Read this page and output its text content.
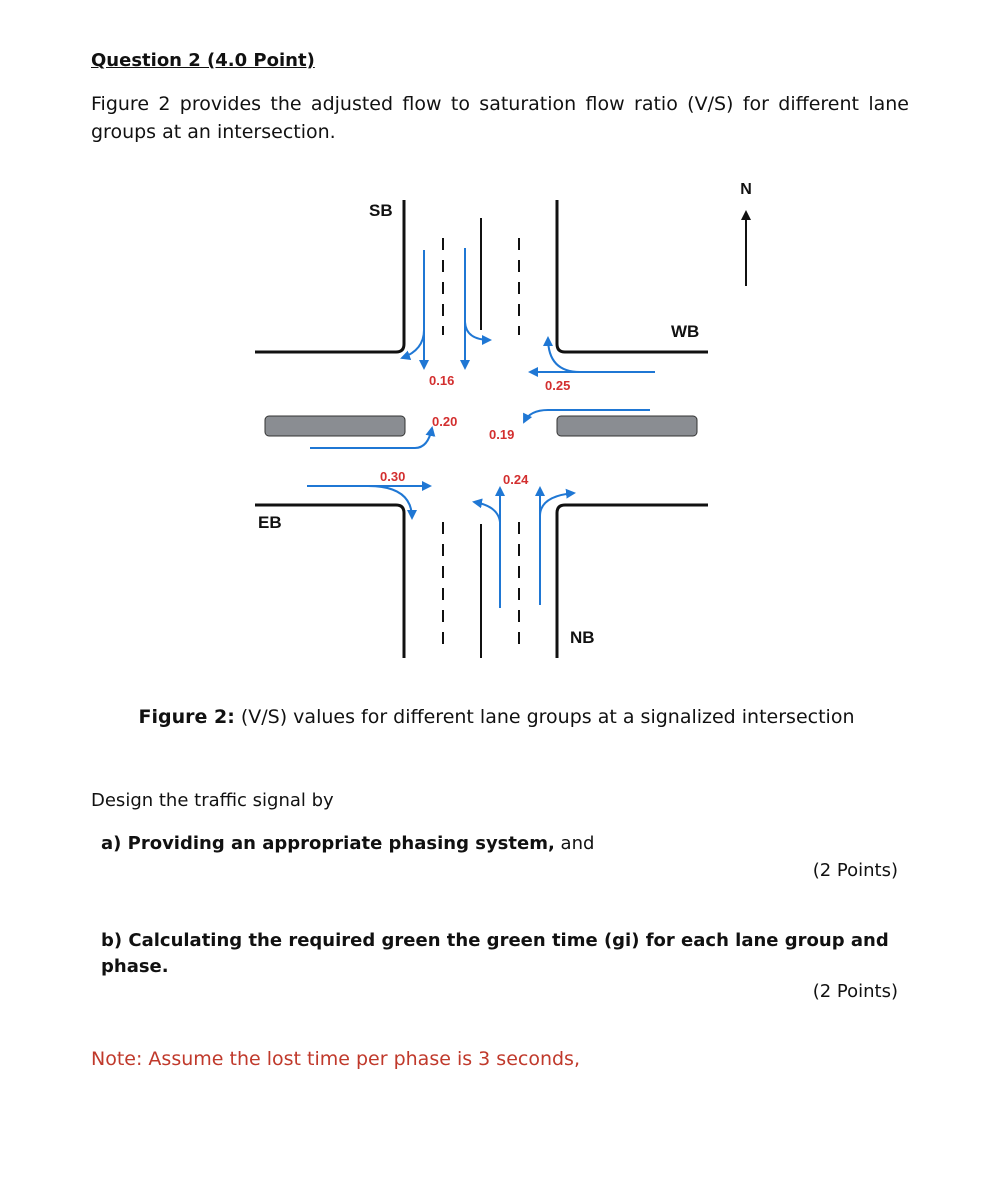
Question 2 (4.0 Point)

Figure 2 provides the adjusted flow to saturation flow ratio (V/S) for different lane groups at an intersection.

N
SB
WB
EB
NB
0.16	0.25
0.20
0.19
0.30	0.24
Figure 2: (V/S) values for different lane groups at a signalized intersection
Design the traffic signal by
a) Providing an appropriate phasing system, and
(2 Points)
b) Calculating the required green the green time (gi) for each lane group and phase.
(2 Points)
Note: Assume the lost time per phase is 3 seconds,
